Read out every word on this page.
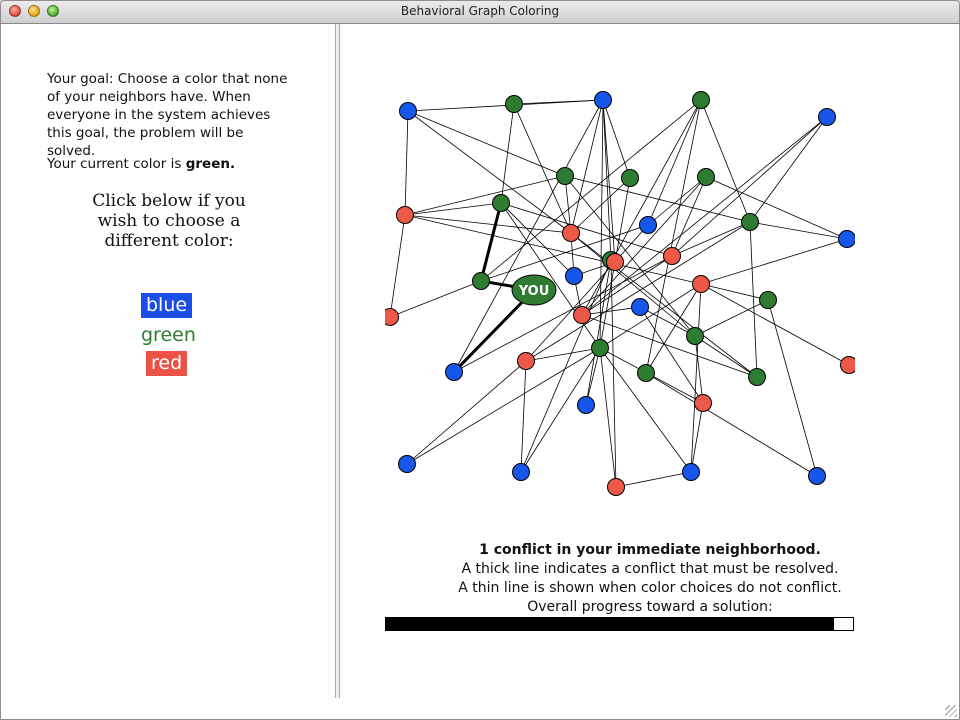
Behavioral Graph Coloring

Your goal: Choose a color that none of your neighbors have. When everyone in the system achieves this goal, the problem will be solved.

Your current color is green.

Click below if you wish to choose a different color:

blue
green
red
YOU
1 conflict in your immediate neighborhood.
A thick line indicates a conflict that must be resolved.
A thin line is shown when color choices do not conflict.
Overall progress toward a solution:
